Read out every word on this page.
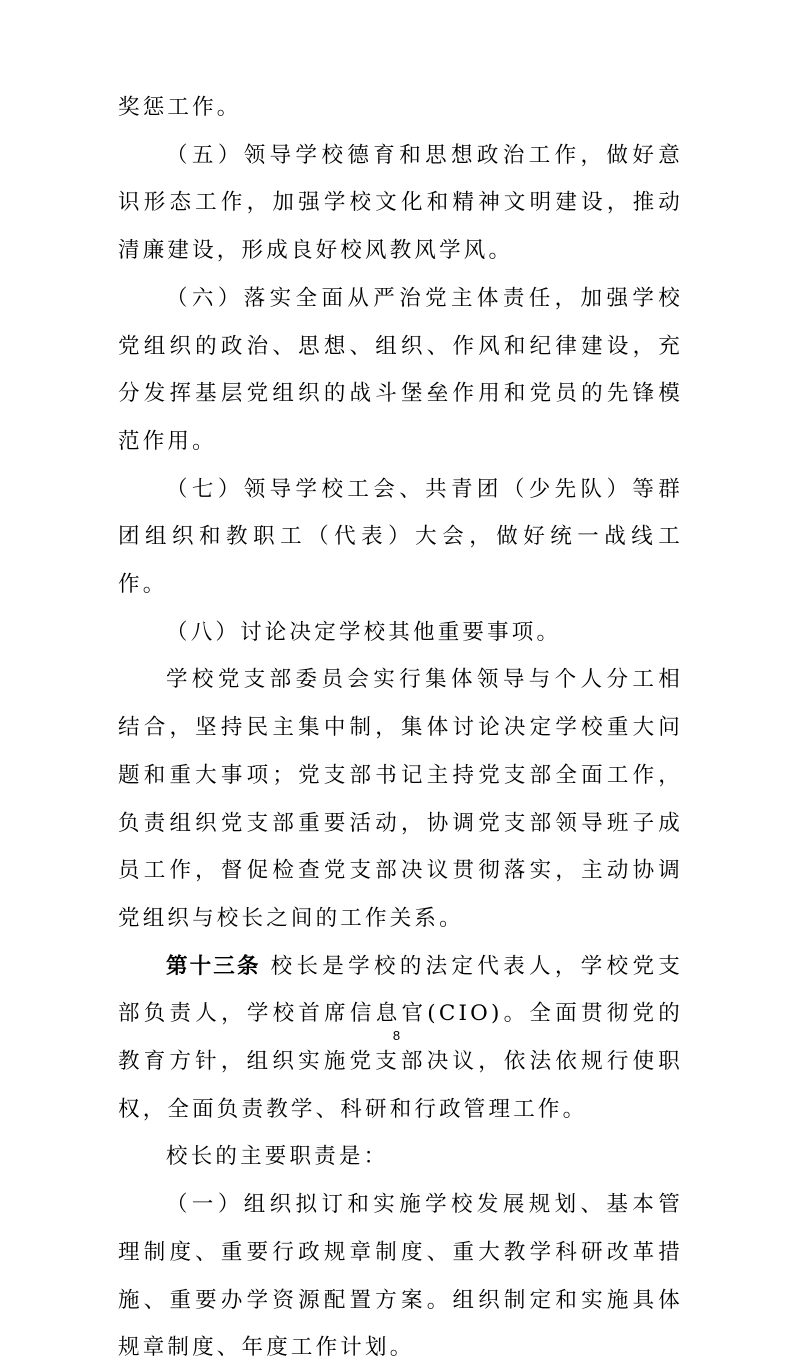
奖惩工作。

（五）领导学校德育和思想政治工作，做好意识形态工作，加强学校文化和精神文明建设，推动清廉建设，形成良好校风教风学风。

（六）落实全面从严治党主体责任，加强学校党组织的政治、思想、组织、作风和纪律建设，充分发挥基层党组织的战斗堡垒作用和党员的先锋模范作用。

（七）领导学校工会、共青团（少先队）等群团组织和教职工（代表）大会，做好统一战线工作。

（八）讨论决定学校其他重要事项。

学校党支部委员会实行集体领导与个人分工相结合，坚持民主集中制，集体讨论决定学校重大问题和重大事项；党支部书记主持党支部全面工作，负责组织党支部重要活动，协调党支部领导班子成员工作，督促检查党支部决议贯彻落实，主动协调党组织与校长之间的工作关系。

第十三条 校长是学校的法定代表人，学校党支部负责人，学校首席信息官(CIO)。全面贯彻党的教育方针，组织实施党支部决议，依法依规行使职权，全面负责教学、科研和行政管理工作。

校长的主要职责是：

（一）组织拟订和实施学校发展规划、基本管理制度、重要行政规章制度、重大教学科研改革措施、重要办学资源配置方案。组织制定和实施具体规章制度、年度工作计划。

8
